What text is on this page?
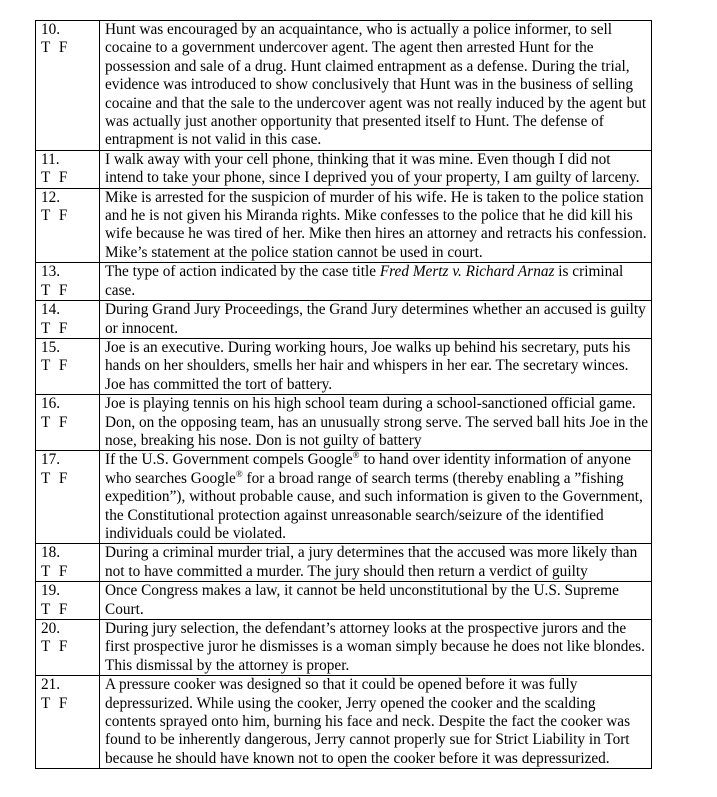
10.
T F	Hunt was encouraged by an acquaintance, who is actually a police informer, to sell cocaine to a government undercover agent. The agent then arrested Hunt for the possession and sale of a drug. Hunt claimed entrapment as a defense. During the trial, evidence was introduced to show conclusively that Hunt was in the business of selling cocaine and that the sale to the undercover agent was not really induced by the agent but was actually just another opportunity that presented itself to Hunt. The defense of entrapment is not valid in this case.

11.
T F	I walk away with your cell phone, thinking that it was mine. Even though I did not intend to take your phone, since I deprived you of your property, I am guilty of larceny.

12.
T F	Mike is arrested for the suspicion of murder of his wife. He is taken to the police station and he is not given his Miranda rights. Mike confesses to the police that he did kill his wife because he was tired of her. Mike then hires an attorney and retracts his confession. Mike’s statement at the police station cannot be used in court.

13.
T F	The type of action indicated by the case title Fred Mertz v. Richard Arnaz is criminal case.

14.
T F	During Grand Jury Proceedings, the Grand Jury determines whether an accused is guilty or innocent.

15.
T F	Joe is an executive. During working hours, Joe walks up behind his secretary, puts his hands on her shoulders, smells her hair and whispers in her ear. The secretary winces. Joe has committed the tort of battery.

16.
T F	Joe is playing tennis on his high school team during a school-sanctioned official game. Don, on the opposing team, has an unusually strong serve. The served ball hits Joe in the nose, breaking his nose. Don is not guilty of battery

17.
T F	If the U.S. Government compels Google® to hand over identity information of anyone who searches Google® for a broad range of search terms (thereby enabling a ”fishing expedition”), without probable cause, and such information is given to the Government, the Constitutional protection against unreasonable search/seizure of the identified individuals could be violated.

18.
T F	During a criminal murder trial, a jury determines that the accused was more likely than not to have committed a murder. The jury should then return a verdict of guilty

19.
T F	Once Congress makes a law, it cannot be held unconstitutional by the U.S. Supreme Court.

20.
T F	During jury selection, the defendant’s attorney looks at the prospective jurors and the first prospective juror he dismisses is a woman simply because he does not like blondes. This dismissal by the attorney is proper.

21.
T F	A pressure cooker was designed so that it could be opened before it was fully depressurized. While using the cooker, Jerry opened the cooker and the scalding contents sprayed onto him, burning his face and neck. Despite the fact the cooker was found to be inherently dangerous, Jerry cannot properly sue for Strict Liability in Tort because he should have known not to open the cooker before it was depressurized.
